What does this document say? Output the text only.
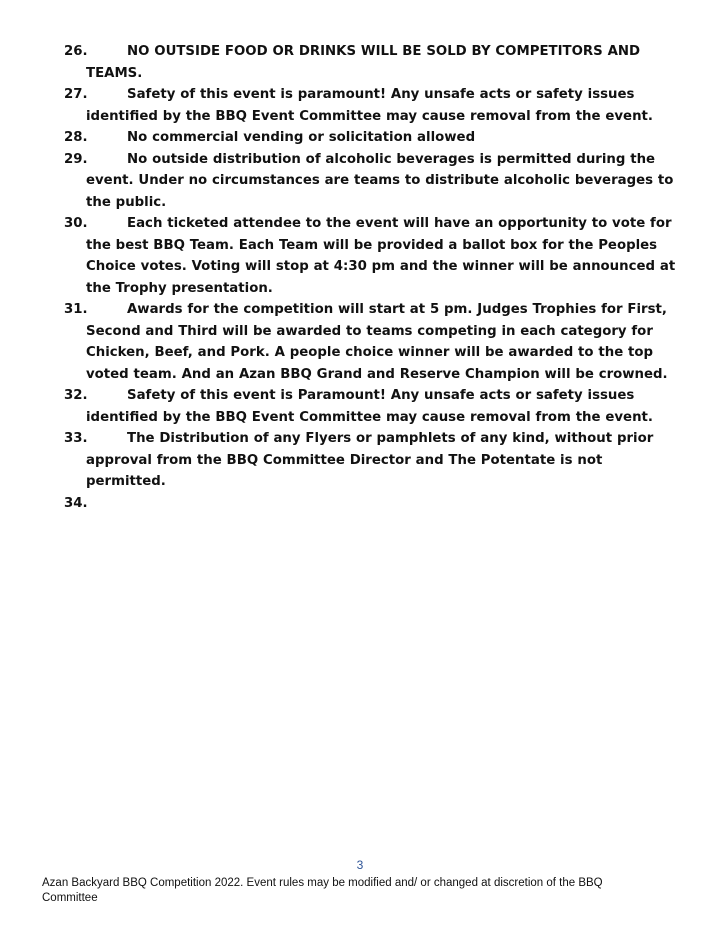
26.	NO OUTSIDE FOOD OR DRINKS WILL BE SOLD BY COMPETITORS AND TEAMS.
27.	Safety of this event is paramount! Any unsafe acts or safety issues identified by the BBQ Event Committee may cause removal from the event.
28.	No commercial vending or solicitation allowed
29.	No outside distribution of alcoholic beverages is permitted during the event. Under no circumstances are teams to distribute alcoholic beverages to the public.
30.	Each ticketed attendee to the event will have an opportunity to vote for the best BBQ Team. Each Team will be provided a ballot box for the Peoples Choice votes. Voting will stop at 4:30 pm and the winner will be announced at the Trophy presentation.
31.	Awards for the competition will start at 5 pm. Judges Trophies for First, Second and Third will be awarded to teams competing in each category for Chicken, Beef, and Pork. A people choice winner will be awarded to the top voted team. And an Azan BBQ Grand and Reserve Champion will be crowned.
32.	Safety of this event is Paramount! Any unsafe acts or safety issues identified by the BBQ Event Committee may cause removal from the event.
33.	The Distribution of any Flyers or pamphlets of any kind, without prior approval from the BBQ Committee Director and The Potentate is not permitted.
34.
3
Azan Backyard BBQ Competition 2022. Event rules may be modified and/ or changed at discretion of the BBQ Committee
